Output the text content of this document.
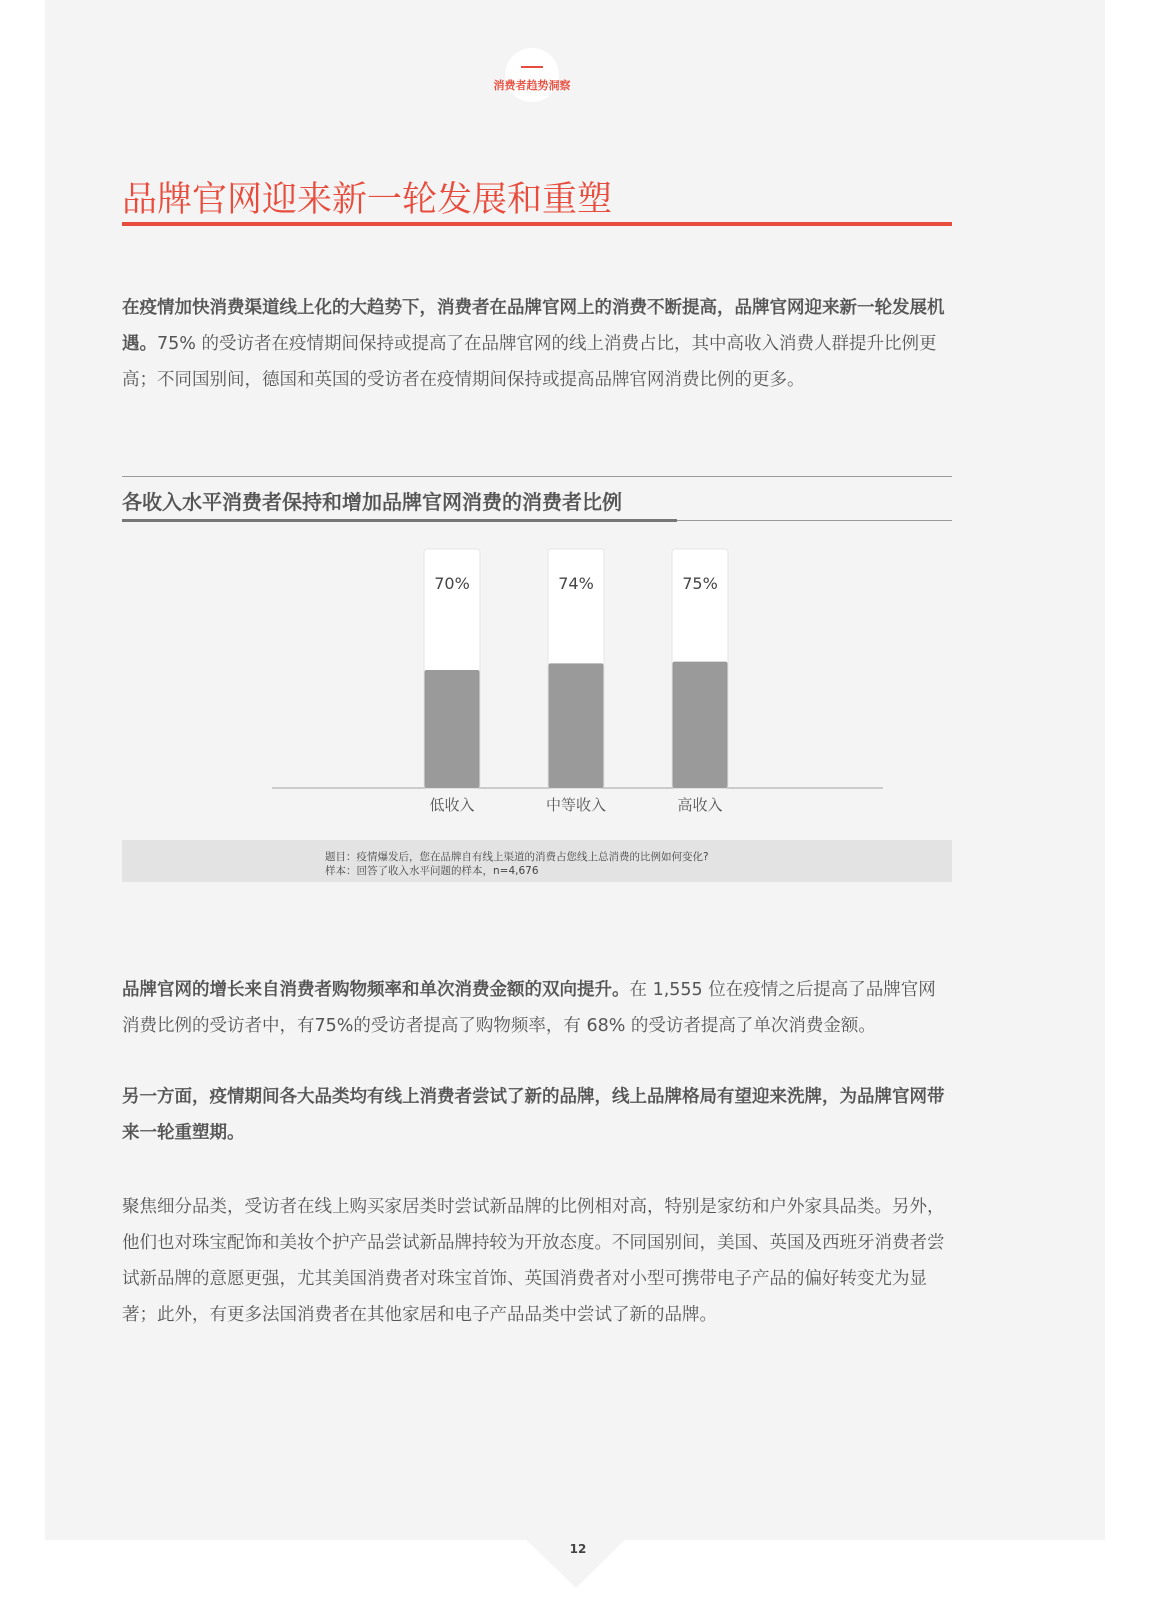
消费者趋势洞察
品牌官网迎来新一轮发展和重塑

在疫情加快消费渠道线上化的大趋势下，消费者在品牌官网上的消费不断提高，品牌官网迎来新一轮发展机遇。75% 的受访者在疫情期间保持或提高了在品牌官网的线上消费占比，其中高收入消费人群提升比例更高；不同国别间，德国和英国的受访者在疫情期间保持或提高品牌官网消费比例的更多。

各收入水平消费者保持和增加品牌官网消费的消费者比例
70%
低收入
74%
中等收入
75%
高收入
题目：疫情爆发后，您在品牌自有线上渠道的消费占您线上总消费的比例如何变化?
样本：回答了收入水平问题的样本，n=4,676

品牌官网的增长来自消费者购物频率和单次消费金额的双向提升。在 1,555 位在疫情之后提高了品牌官网消费比例的受访者中，有75%的受访者提高了购物频率，有 68% 的受访者提高了单次消费金额。

另一方面，疫情期间各大品类均有线上消费者尝试了新的品牌，线上品牌格局有望迎来洗牌，为品牌官网带来一轮重塑期。

聚焦细分品类，受访者在线上购买家居类时尝试新品牌的比例相对高，特别是家纺和户外家具品类。另外，他们也对珠宝配饰和美妆个护产品尝试新品牌持较为开放态度。不同国别间，美国、英国及西班牙消费者尝试新品牌的意愿更强，尤其美国消费者对珠宝首饰、英国消费者对小型可携带电子产品的偏好转变尤为显著；此外，有更多法国消费者在其他家居和电子产品品类中尝试了新的品牌。

12
